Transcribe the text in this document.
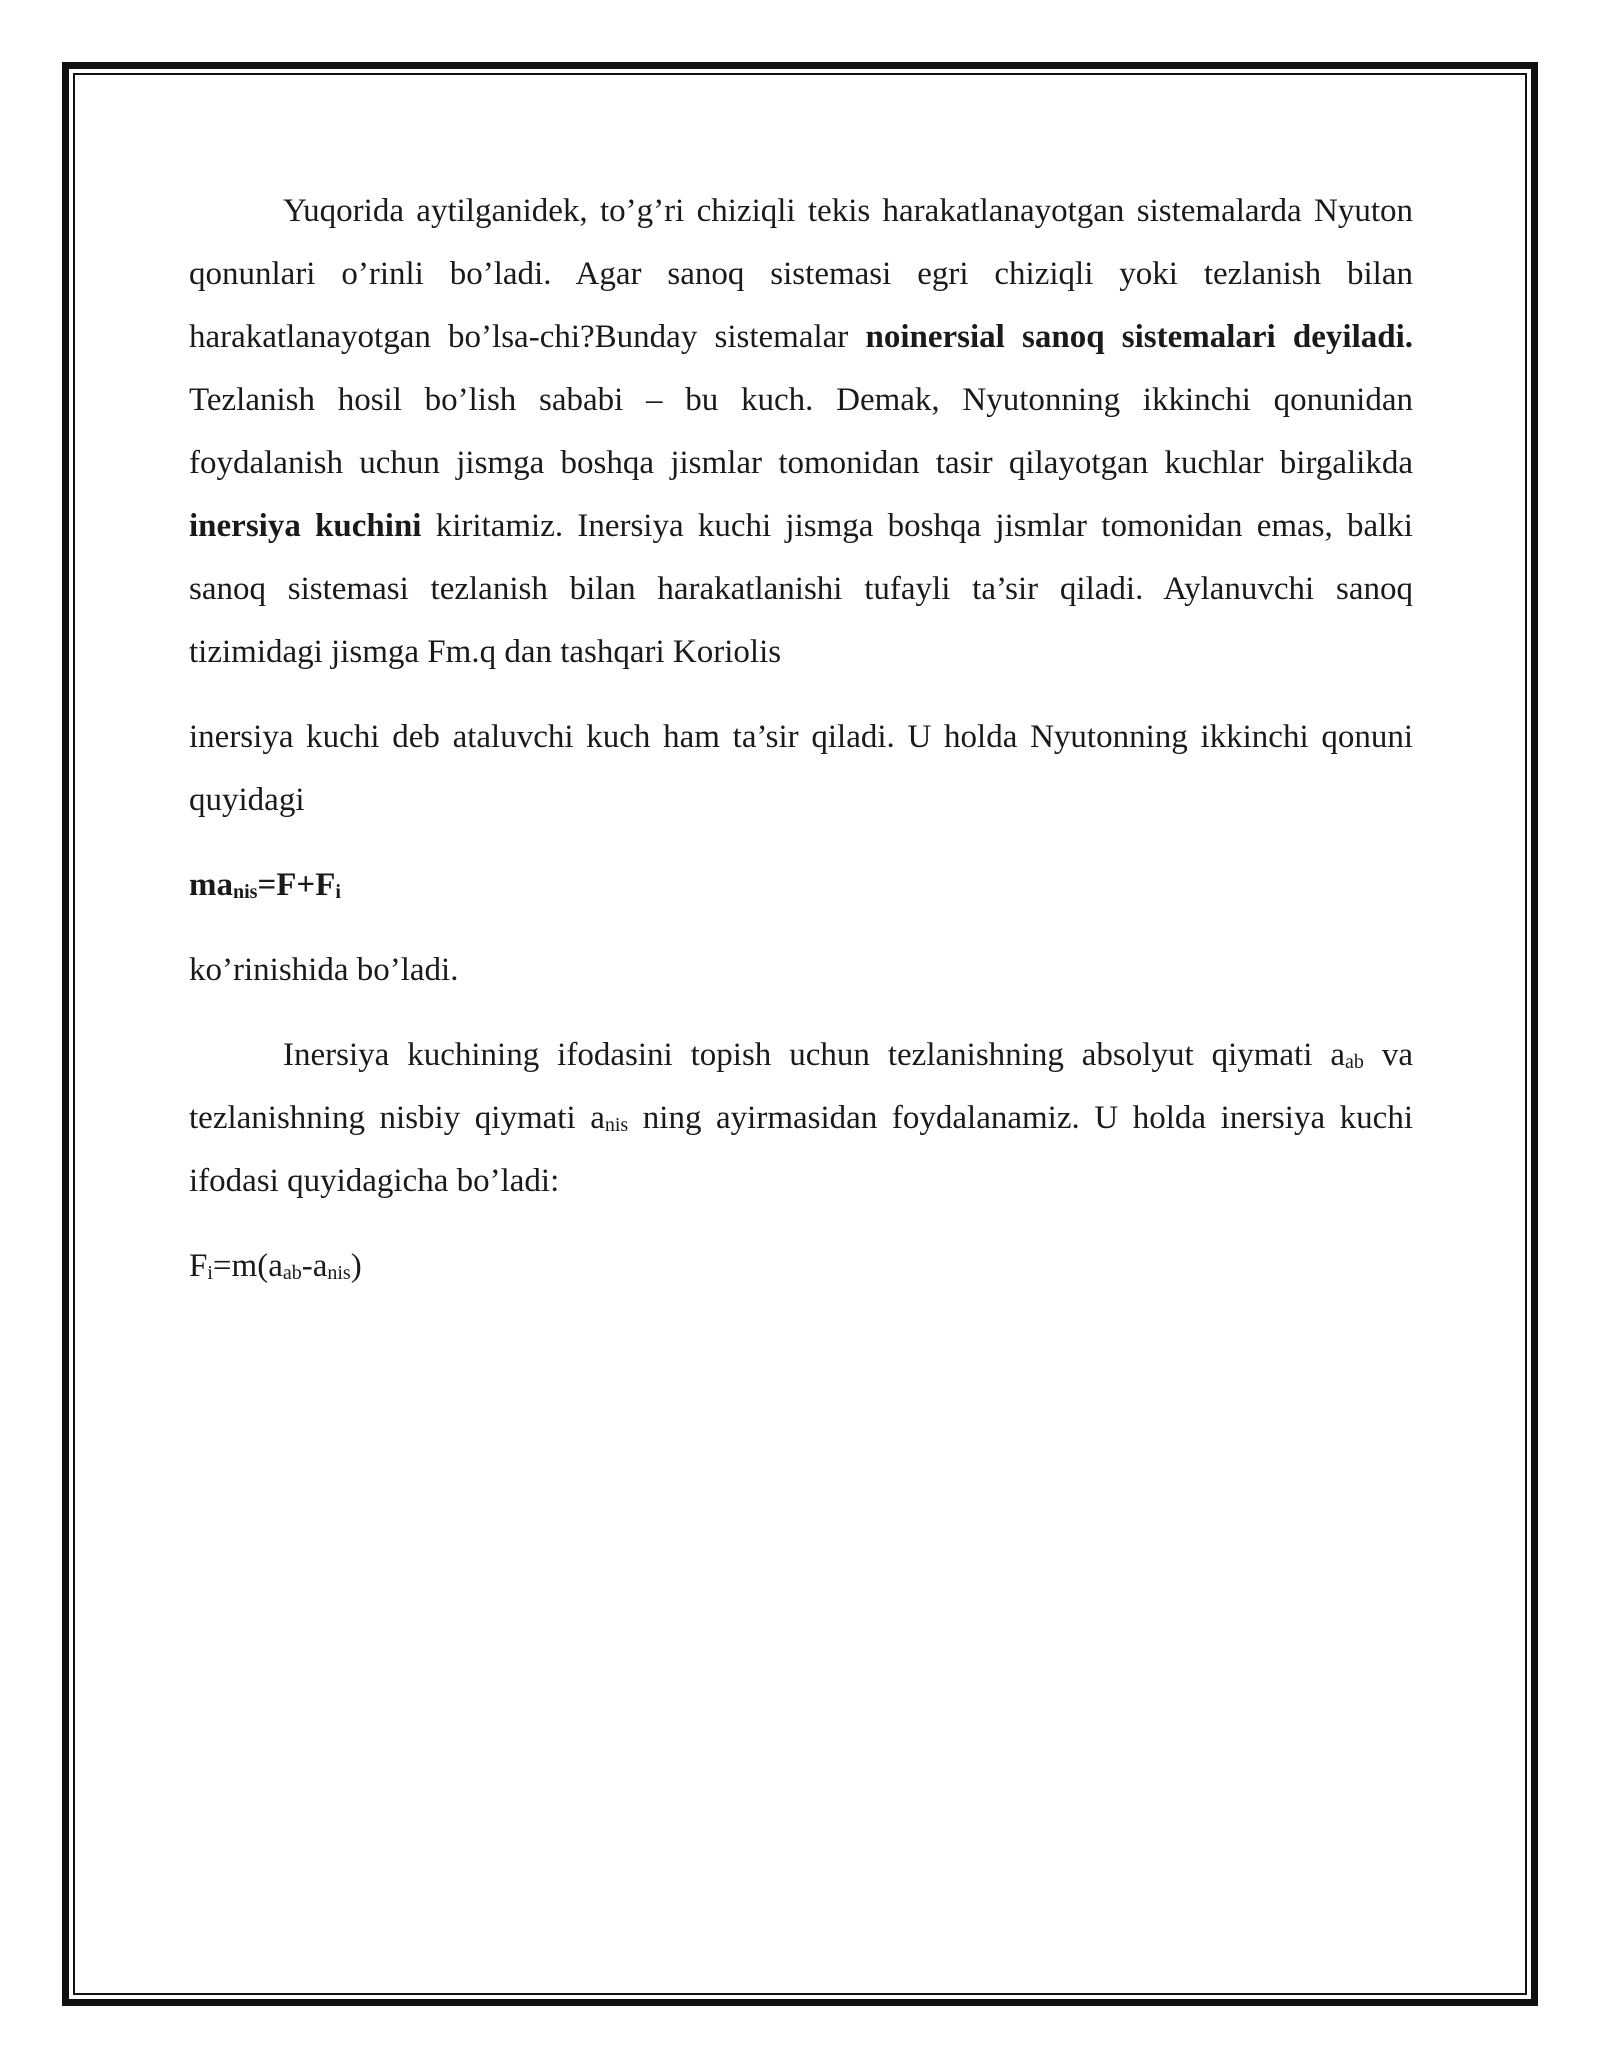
Yuqorida aytilganidek, to’g’ri chiziqli tekis harakatlanayotgan sistemalarda Nyuton qonunlari o’rinli bo’ladi. Agar sanoq sistemasi egri chiziqli yoki tezlanish bilan harakatlanayotgan bo’lsa-chi?Bunday sistemalar noinersial sanoq sistemalari deyiladi. Tezlanish hosil bo’lish sababi – bu kuch. Demak, Nyutonning ikkinchi qonunidan foydalanish uchun jismga boshqa jismlar tomonidan tasir qilayotgan kuchlar birgalikda inersiya kuchini kiritamiz. Inersiya kuchi jismga boshqa jismlar tomonidan emas, balki sanoq sistemasi tezlanish bilan harakatlanishi tufayli ta’sir qiladi. Aylanuvchi sanoq tizimidagi jismga Fm.q dan tashqari Koriolis

inersiya kuchi deb ataluvchi kuch ham ta’sir qiladi. U holda Nyutonning ikkinchi qonuni quyidagi

manis=F+Fi

ko’rinishida bo’ladi.

Inersiya kuchining ifodasini topish uchun tezlanishning absolyut qiymati aab va tezlanishning nisbiy qiymati anis ning ayirmasidan foydalanamiz. U holda inersiya kuchi ifodasi quyidagicha bo’ladi:

Fi=m(aab-anis)
